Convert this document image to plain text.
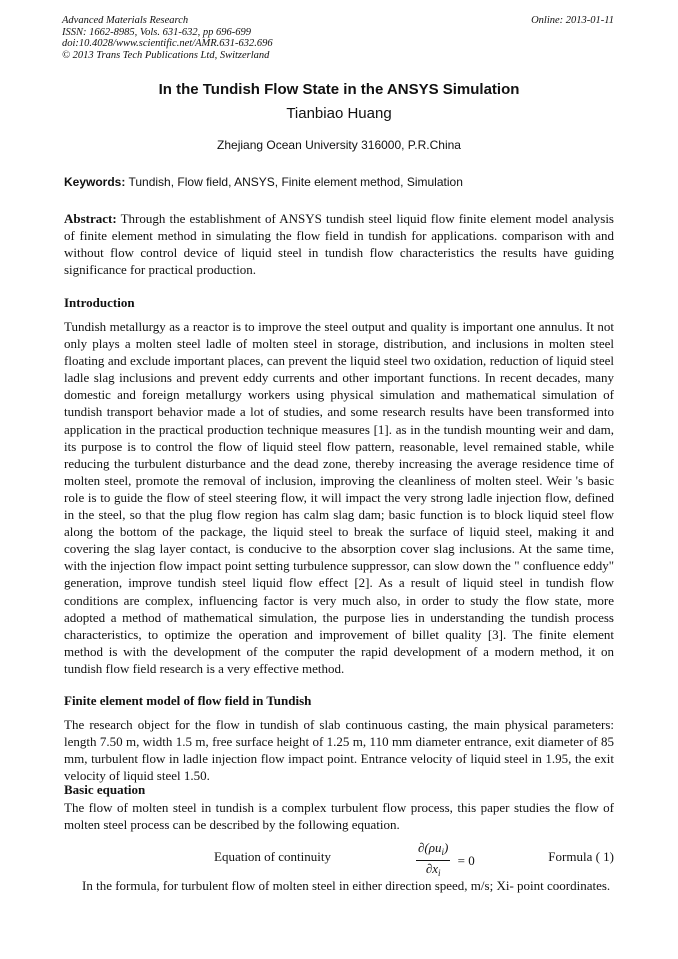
Advanced Materials Research
ISSN: 1662-8985, Vols. 631-632, pp 696-699
doi:10.4028/www.scientific.net/AMR.631-632.696
© 2013 Trans Tech Publications Ltd, Switzerland
Online: 2013-01-11
In the Tundish Flow State in the ANSYS Simulation
Tianbiao Huang
Zhejiang Ocean University 316000, P.R.China
Keywords: Tundish, Flow field, ANSYS, Finite element method, Simulation
Abstract: Through the establishment of ANSYS tundish steel liquid flow finite element model analysis of finite element method in simulating the flow field in tundish for applications. comparison with and without flow control device of liquid steel in tundish flow characteristics the results have guiding significance for practical production.
Introduction
Tundish metallurgy as a reactor is to improve the steel output and quality is important one annulus. It not only plays a molten steel ladle of molten steel in storage, distribution, and inclusions in molten steel floating and exclude important places, can prevent the liquid steel two oxidation, reduction of liquid steel ladle slag inclusions and prevent eddy currents and other important functions. In recent decades, many domestic and foreign metallurgy workers using physical simulation and mathematical simulation of tundish transport behavior made a lot of studies, and some research results have been transformed into application in the practical production technique measures [1]. as in the tundish mounting weir and dam, its purpose is to control the flow of liquid steel flow pattern, reasonable, level remained stable, while reducing the turbulent disturbance and the dead zone, thereby increasing the average residence time of molten steel, promote the removal of inclusion, improving the cleanliness of molten steel. Weir 's basic role is to guide the flow of steel steering flow, it will impact the very strong ladle injection flow, defined in the steel, so that the plug flow region has calm slag dam; basic function is to block liquid steel flow along the bottom of the package, the liquid steel to break the surface of liquid steel, making it and covering the slag layer contact, is conducive to the absorption cover slag inclusions. At the same time, with the injection flow impact point setting turbulence suppressor, can slow down the " confluence eddy" generation, improve tundish steel liquid flow effect [2]. As a result of liquid steel in tundish flow conditions are complex, influencing factor is very much also, in order to study the flow state, more adopted a method of mathematical simulation, the purpose lies in understanding the tundish process characteristics, to optimize the operation and improvement of billet quality [3]. The finite element method is with the development of the computer the rapid development of a modern method, it on tundish flow field research is a very effective method.
Finite element model of flow field in Tundish
The research object for the flow in tundish of slab continuous casting, the main physical parameters: length 7.50 m, width 1.5 m, free surface height of 1.25 m, 110 mm diameter entrance, exit diameter of 85 mm, turbulent flow in ladle injection flow impact point. Entrance velocity of liquid steel in 1.95, the exit velocity of liquid steel 1.50.
Basic equation
The flow of molten steel in tundish is a complex turbulent flow process, this paper studies the flow of molten steel process can be described by the following equation.
Equation of continuity	$\frac{\partial(\rho u_i)}{\partial x_i} = 0$	Formula ( 1)
In the formula, for turbulent flow of molten steel in either direction speed, m/s; Xi- point coordinates.
